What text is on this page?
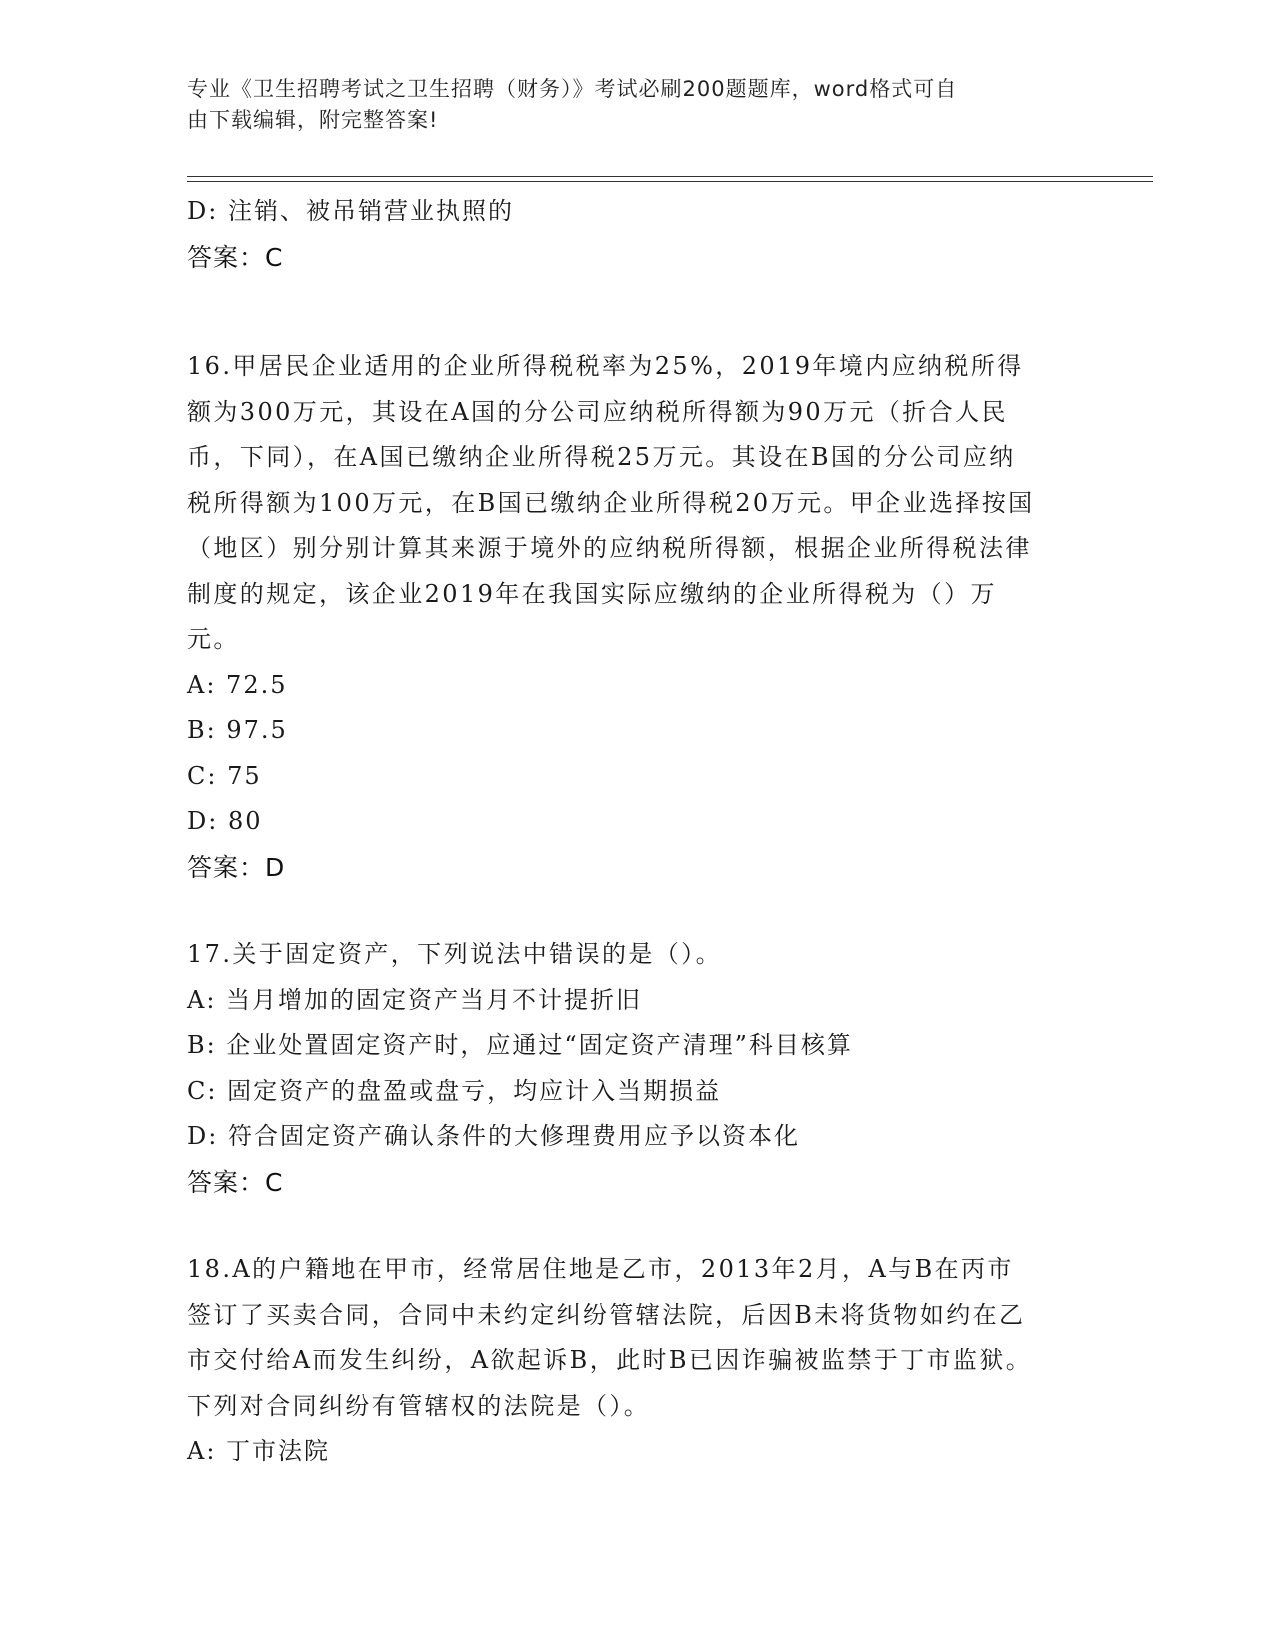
专业《卫生招聘考试之卫生招聘（财务）》考试必刷200题题库，word格式可自
由下载编辑，附完整答案!
D: 注销、被吊销营业执照的
答案：C
16.甲居民企业适用的企业所得税税率为25%，2019年境内应纳税所得额为300万元，其设在A国的分公司应纳税所得额为90万元（折合人民币，下同），在A国已缴纳企业所得税25万元。其设在B国的分公司应纳税所得额为100万元，在B国已缴纳企业所得税20万元。甲企业选择按国（地区）别分别计算其来源于境外的应纳税所得额，根据企业所得税法律制度的规定，该企业2019年在我国实际应缴纳的企业所得税为（）万元。
A: 72.5
B: 97.5
C: 75
D: 80
答案：D
17.关于固定资产，下列说法中错误的是（）。
A: 当月增加的固定资产当月不计提折旧
B: 企业处置固定资产时，应通过“固定资产清理”科目核算
C: 固定资产的盘盈或盘亏，均应计入当期损益
D: 符合固定资产确认条件的大修理费用应予以资本化
答案：C
18.A的户籍地在甲市，经常居住地是乙市，2013年2月，A与B在丙市签订了买卖合同，合同中未约定纠纷管辖法院，后因B未将货物如约在乙市交付给A而发生纠纷，A欲起诉B，此时B已因诈骗被监禁于丁市监狱。下列对合同纠纷有管辖权的法院是（）。
A: 丁市法院
